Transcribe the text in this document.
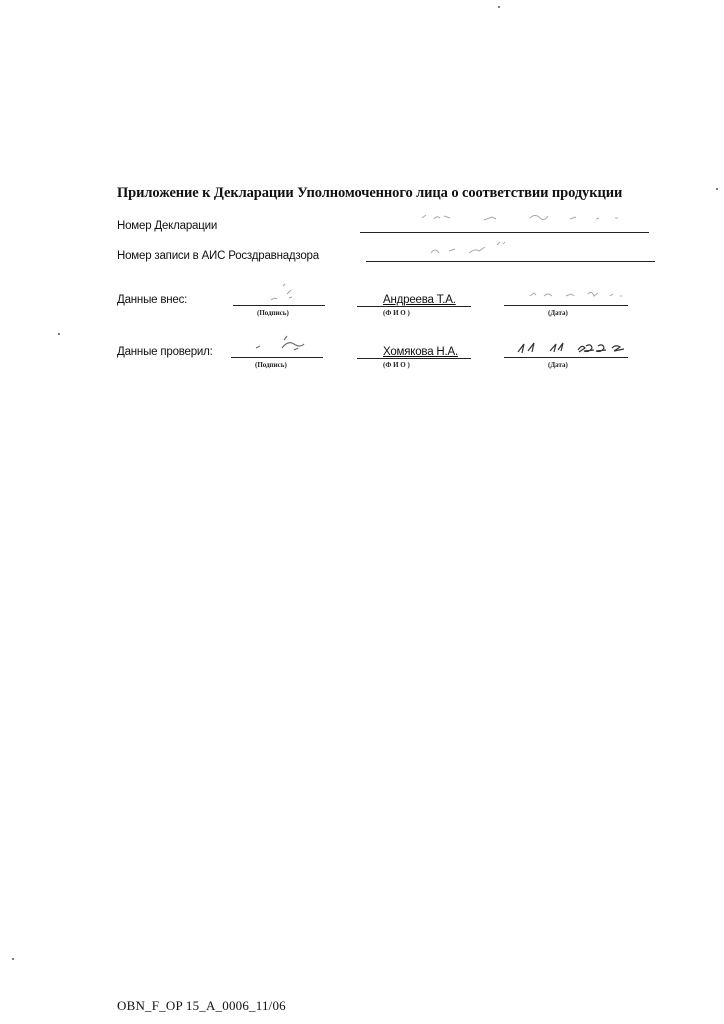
Приложение к Декларации Уполномоченного лица о соответствии продукции
Номер Декларации
Номер записи в АИС Росздравнадзора
Данные внес:
(Подпись)
Андреева Т.А.
(Ф И О )	(Дата)
Данные проверил:
(Подпись)
Хомякова Н.А.
(Ф И О )	(Дата)
OBN_F_OP 15_A_0006_11/06
